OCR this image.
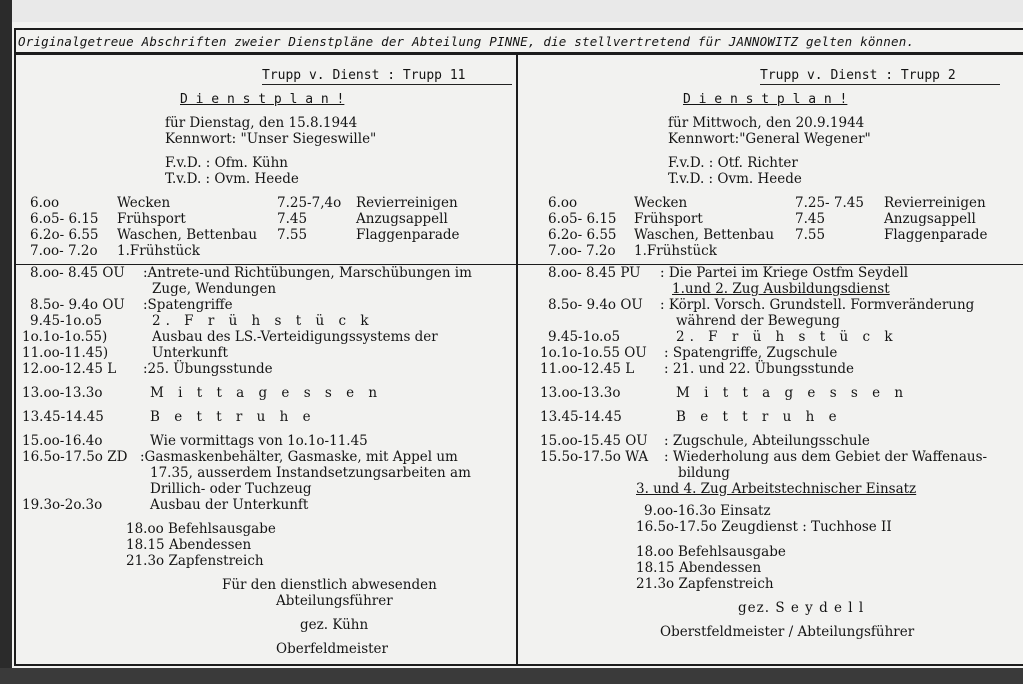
Originalgetreue Abschriften zweier Dienstpläne der Abteilung PINNE, die stellvertretend für JANNOWITZ gelten können.
Trupp v. Dienst : Trupp 11
D i e n s t p l a n !
für Dienstag, den 15.8.1944
Kennwort: "Unser Siegeswille"
F.v.D. : Ofm. Kühn
T.v.D. : Ovm. Heede
6.oo	Wecken	7.25-7,4o Revierreinigen
6.o5- 6.15 Frühsport	7.45	Anzugsappell
6.2o- 6.55 Waschen, Bettenbau 7.55	Flaggenparade
7.oo- 7.2o 1.Frühstück
8.oo- 8.45 OU :Antrete-und Richtübungen, Marschübungen im
Zuge, Wendungen
8.5o- 9.4o OU :Spatengriffe
9.45-1o.o5	2. F r ü h s t ü c k
1o.1o-1o.55)	Ausbau des LS.-Verteidigungssystems der
11.oo-11.45)	Unterkunft
12.oo-12.45 L :25. Übungsstunde
13.oo-13.3o	M i t t a g e s s e n
13.45-14.45	B e t t r u h e
15.oo-16.4o	Wie vormittags von 1o.1o-11.45
16.5o-17.5o ZD :Gasmaskenbehälter, Gasmaske, mit Appel um
17.35, ausserdem Instandsetzungsarbeiten am
Drillich- oder Tuchzeug
19.3o-2o.3o	Ausbau der Unterkunft
18.oo Befehlsausgabe
18.15 Abendessen
21.3o Zapfenstreich
Für den dienstlich abwesenden
Abteilungsführer
gez. Kühn
Oberfeldmeister
Trupp v. Dienst : Trupp 2
D i e n s t p l a n !
für Mittwoch, den 20.9.1944
Kennwort:"General Wegener"
F.v.D. : Otf. Richter
T.v.D. : Ovm. Heede
6.oo	Wecken	7.25- 7.45 Revierreinigen
6.o5- 6.15 Frühsport	7.45	Anzugsappell
6.2o- 6.55 Waschen, Bettenbau 7.55	Flaggenparade
7.oo- 7.2o 1.Frühstück
8.oo- 8.45 PU : Die Partei im Kriege Ostfm Seydell
1.und 2. Zug Ausbildungsdienst
8.5o- 9.4o OU : Körpl. Vorsch. Grundstell. Formveränderung
während der Bewegung
9.45-1o.o5	2. F r ü h s t ü c k
1o.1o-1o.55 OU : Spatengriffe, Zugschule
11.oo-12.45 L : 21. und 22. Übungsstunde
13.oo-13.3o	M i t t a g e s s e n
13.45-14.45	B e t t r u h e
15.oo-15.45 OU : Zugschule, Abteilungsschule
15.5o-17.5o WA : Wiederholung aus dem Gebiet der Waffenaus-
bildung
3. und 4. Zug Arbeitstechnischer Einsatz
9.oo-16.3o Einsatz
16.5o-17.5o Zeugdienst : Tuchhose II
18.oo Befehlsausgabe
18.15 Abendessen
21.3o Zapfenstreich
gez. S e y d e l l
Oberstfeldmeister / Abteilungsführer
